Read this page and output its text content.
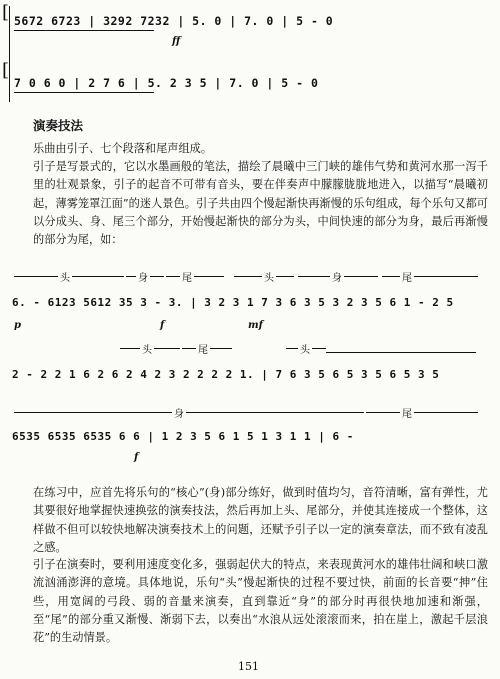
[
[
5672 6723 | 3292 7232 | 5. 0 | 7. 0 | 5 - 0
ff
7 0 6 0 | 2 7 6 | 5. 2 3 5 | 7. 0 | 5 - 0
演奏技法
乐曲由引子、七个段落和尾声组成。
引子是写景式的，它以水墨画般的笔法，描绘了晨曦中三门峡的雄伟气势和黄河水那一泻千里的壮观景象，引子的起音不可带有音头，要在伴奏声中朦朦胧胧地进入，以描写“晨曦初起，薄雾笼罩江面”的迷人景色。引子共由四个慢起渐快再渐慢的乐句组成，每个乐句又都可以分成头、身、尾三个部分，开始慢起渐快的部分为头，中间快速的部分为身，最后再渐慢的部分为尾，如：
头	身	尾	头	身	尾
6. - 6123 5612 35 3 - 3. | 3 2 3 1 7 3 6 3 5 3 2 3 5 6 1 - 2 5
p	f	mf
头	尾	头
2 - 2 2 1 6 2 6 2 4 2 3 2 2 2 2 1. | 7 6 3 5 6 5 3 5 6 5 3 5
身	尾
6535 6535 6535 6 6 | 1 2 3 5 6 1 5 1 3 1 1 | 6 -
f
在练习中，应首先将乐句的“核心”(身)部分练好，做到时值均匀，音符清晰，富有弹性，尤其要很好地掌握快速换弦的演奏技法，然后再加上头、尾部分，并使其连接成一个整体，这样做不但可以较快地解决演奏技术上的问题，还赋予引子以一定的演奏章法，而不致有凌乱之感。
引子在演奏时，要利用速度变化多，强弱起伏大的特点，来表现黄河水的雄伟壮阔和峡口激流汹涌澎湃的意境。具体地说，乐句“头”慢起渐快的过程不要过快，前面的长音要“抻”住些，用宽阔的弓段、弱的音量来演奏，直到靠近“身”的部分时再很快地加速和渐强，至“尾”的部分重又渐慢、渐弱下去，以奏出“水浪从远处滚滚而来，拍在崖上，激起千层浪花”的生动情景。
151
